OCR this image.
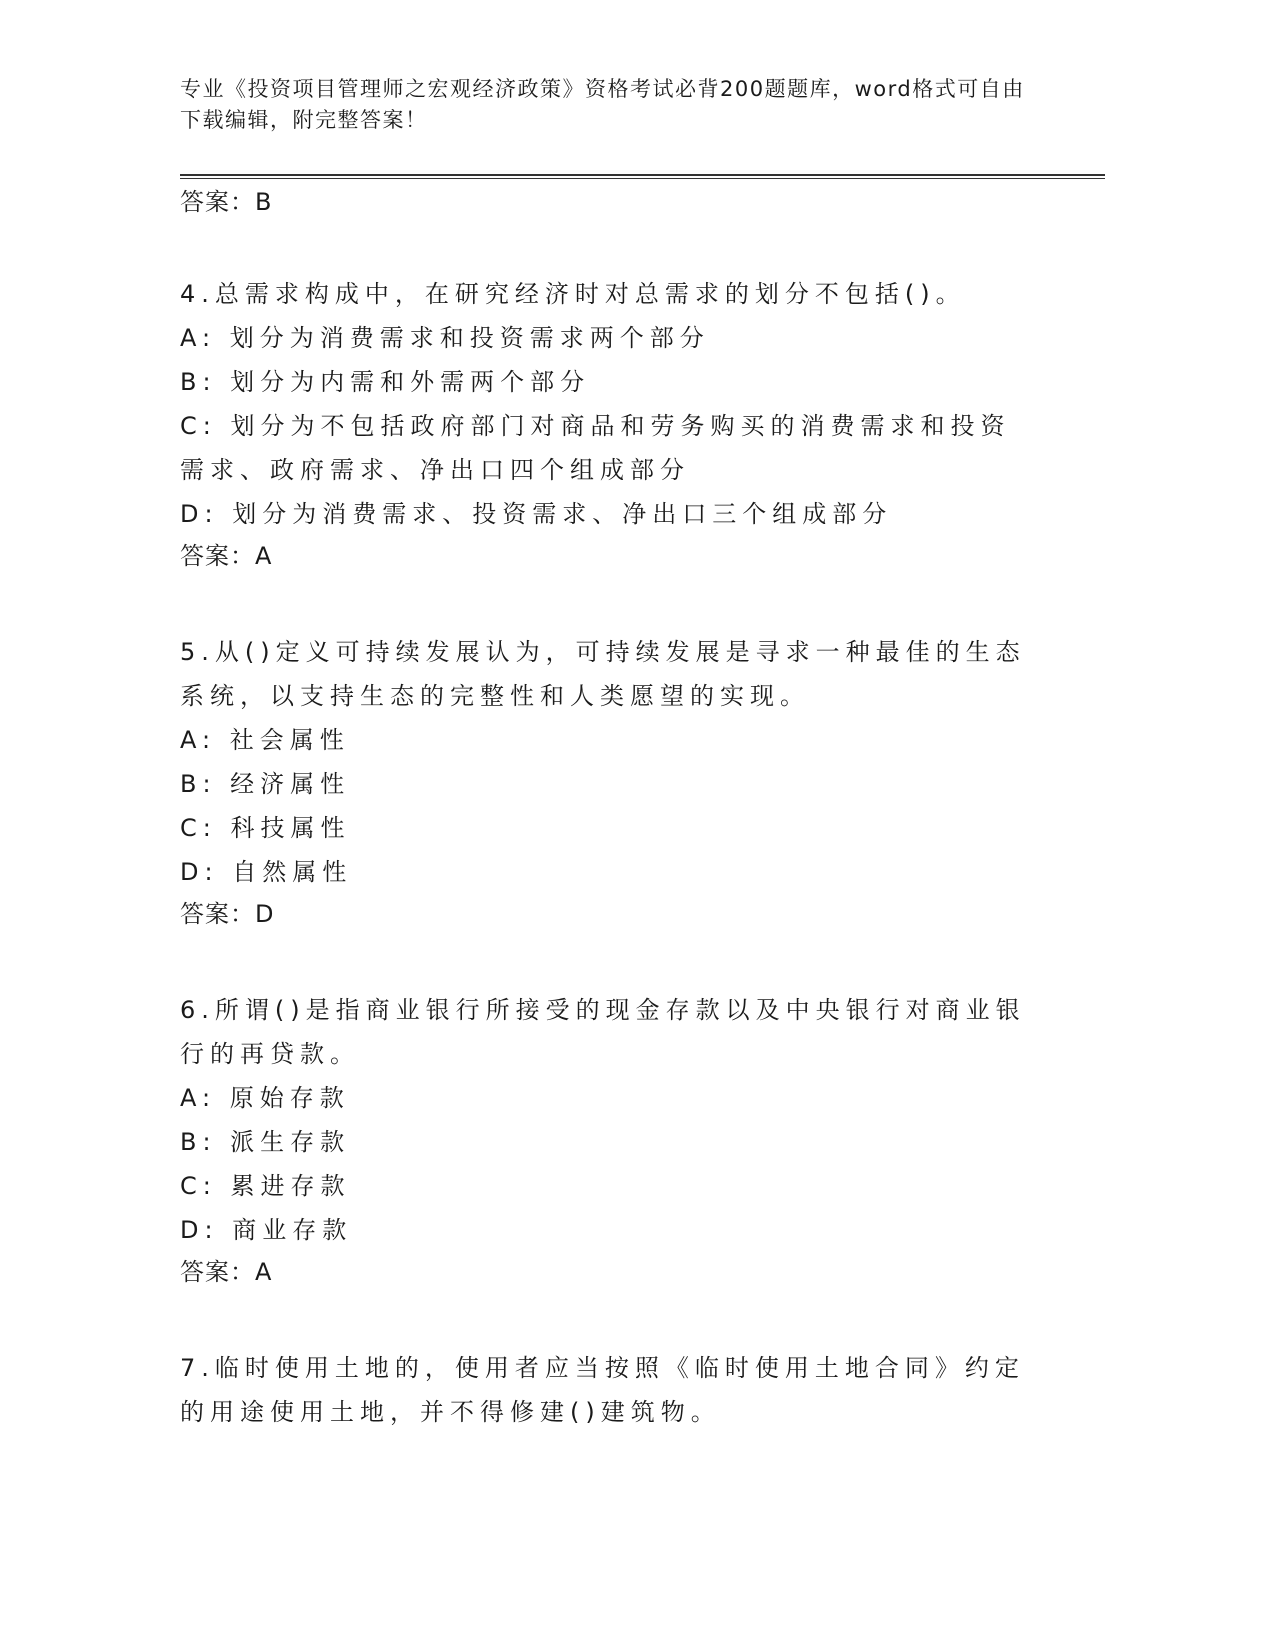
专业《投资项目管理师之宏观经济政策》资格考试必背200题题库，word格式可自由下载编辑，附完整答案！
答案：B
4.总需求构成中，在研究经济时对总需求的划分不包括()。
A: 划分为消费需求和投资需求两个部分
B: 划分为内需和外需两个部分
C: 划分为不包括政府部门对商品和劳务购买的消费需求和投资需求、政府需求、净出口四个组成部分
D: 划分为消费需求、投资需求、净出口三个组成部分
答案：A
5.从()定义可持续发展认为，可持续发展是寻求一种最佳的生态系统，以支持生态的完整性和人类愿望的实现。
A: 社会属性
B: 经济属性
C: 科技属性
D: 自然属性
答案：D
6.所谓()是指商业银行所接受的现金存款以及中央银行对商业银行的再贷款。
A: 原始存款
B: 派生存款
C: 累进存款
D: 商业存款
答案：A
7.临时使用土地的，使用者应当按照《临时使用土地合同》约定的用途使用土地，并不得修建()建筑物。
